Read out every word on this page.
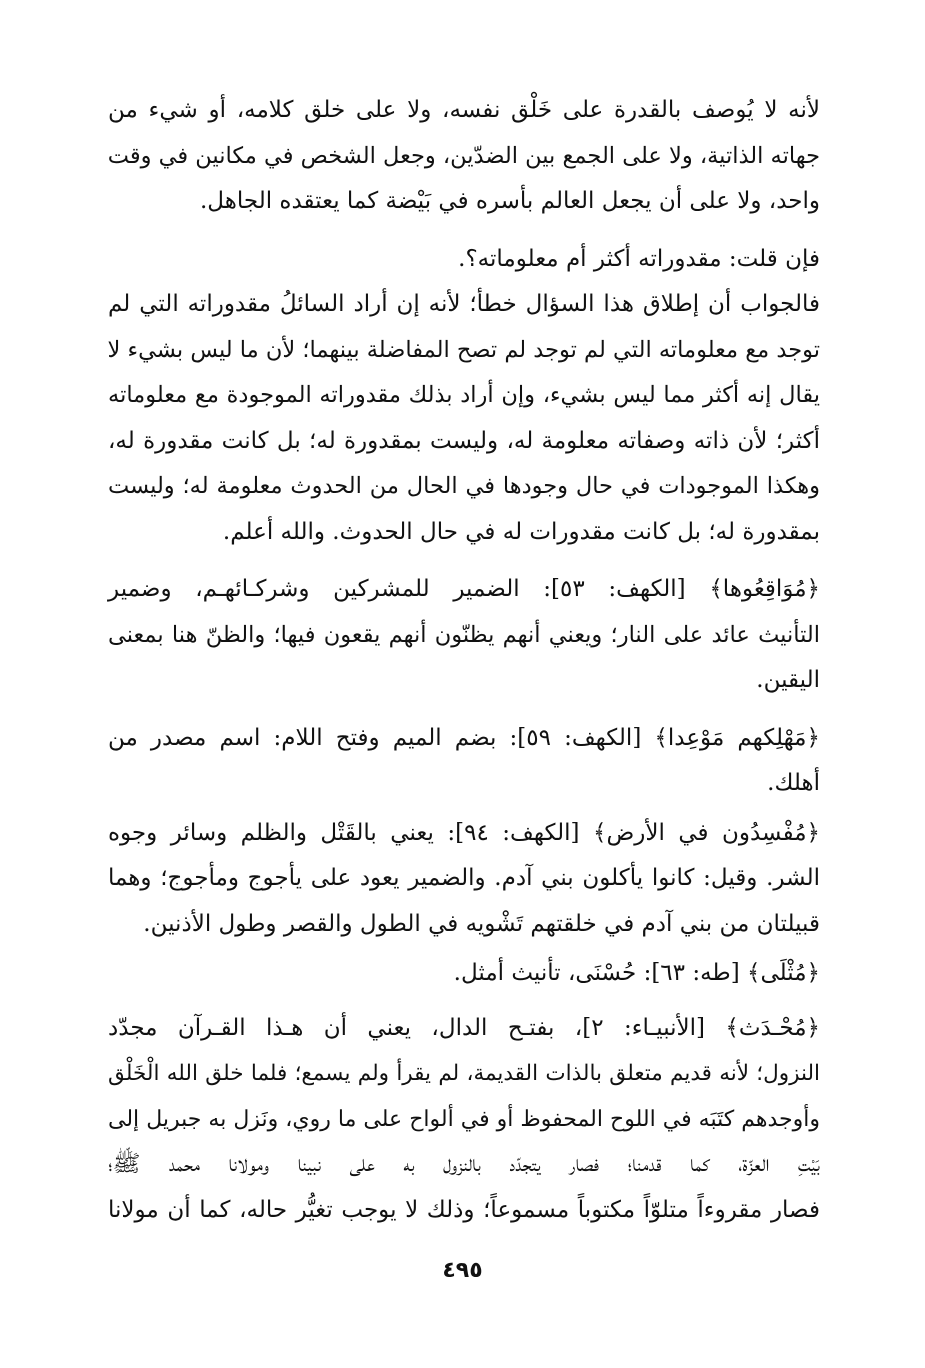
لأنه لا يُوصف بالقدرة على خَلْق نفسه، ولا على خلق كلامه، أو شيء من
جهاته الذاتية، ولا على الجمع بين الضدّين، وجعل الشخص في مكانين في وقت
واحد، ولا على أن يجعل العالم بأسره في بَيْضة كما يعتقده الجاهل.
فإن قلت: مقدوراته أكثر أم معلوماته؟.
فالجواب أن إطلاق هذا السؤال خطأ؛ لأنه إن أراد السائلُ مقدوراته التي لم
توجد مع معلوماته التي لم توجد لم تصح المفاضلة بينهما؛ لأن ما ليس بشيء لا
يقال إنه أكثر مما ليس بشيء، وإن أراد بذلك مقدوراته الموجودة مع معلوماته
أكثر؛ لأن ذاته وصفاته معلومة له، وليست بمقدورة له؛ بل كانت مقدورة له،
وهكذا الموجودات في حال وجودها في الحال من الحدوث معلومة له؛ وليست
بمقدورة له؛ بل كانت مقدورات له في حال الحدوث. والله أعلم.
﴿مُوَاقِعُوها﴾ [الكهف: ٥٣]: الضمير للمشركين وشركـائهـم، وضمير
التأنيث عائد على النار؛ ويعني أنهم يظنّون أنهم يقعون فيها؛ والظنّ هنا بمعنى
اليقين.
﴿مَهْلِكهم مَوْعِدا﴾ [الكهف: ٥٩]: بضم الميم وفتح اللام: اسم مصدر من
أهلك.
﴿مُفْسِدُون في الأرض﴾ [الكهف: ٩٤]: يعني بالقَتْل والظلم وسائر وجوه
الشر. وقيل: كانوا يأكلون بني آدم. والضمير يعود على يأجوج ومأجوج؛ وهما
قبيلتان من بني آدم في خلقتهم تَشْويه في الطول والقصر وطول الأذنين.
﴿مُثْلَى﴾ [طه: ٦٣]: حُسْنَى، تأنيث أمثل.
﴿مُحْـدَث﴾ [الأنبيـاء: ٢]، بفتـح الدال، يعني أن هـذا القـرآن مجدّد
النزول؛ لأنه قديم متعلق بالذات القديمة، لم يقرأ ولم يسمع؛ فلما خلق الله الْخَلْق
وأوجدهم كتَبَه في اللوح المحفوظ أو في ألواح على ما روي، ونَزل به جبريل إلى
بَيْتِ العزّة، كما قدمنا؛ فصار يتجدّد بالنزول به على نبينا ومولانا محمد ﷺ؛
فصار مقروءاً متلوّاً مكتوباً مسموعاً؛ وذلك لا يوجب تغيُّر حاله، كما أن مولانا
٤٩٥
